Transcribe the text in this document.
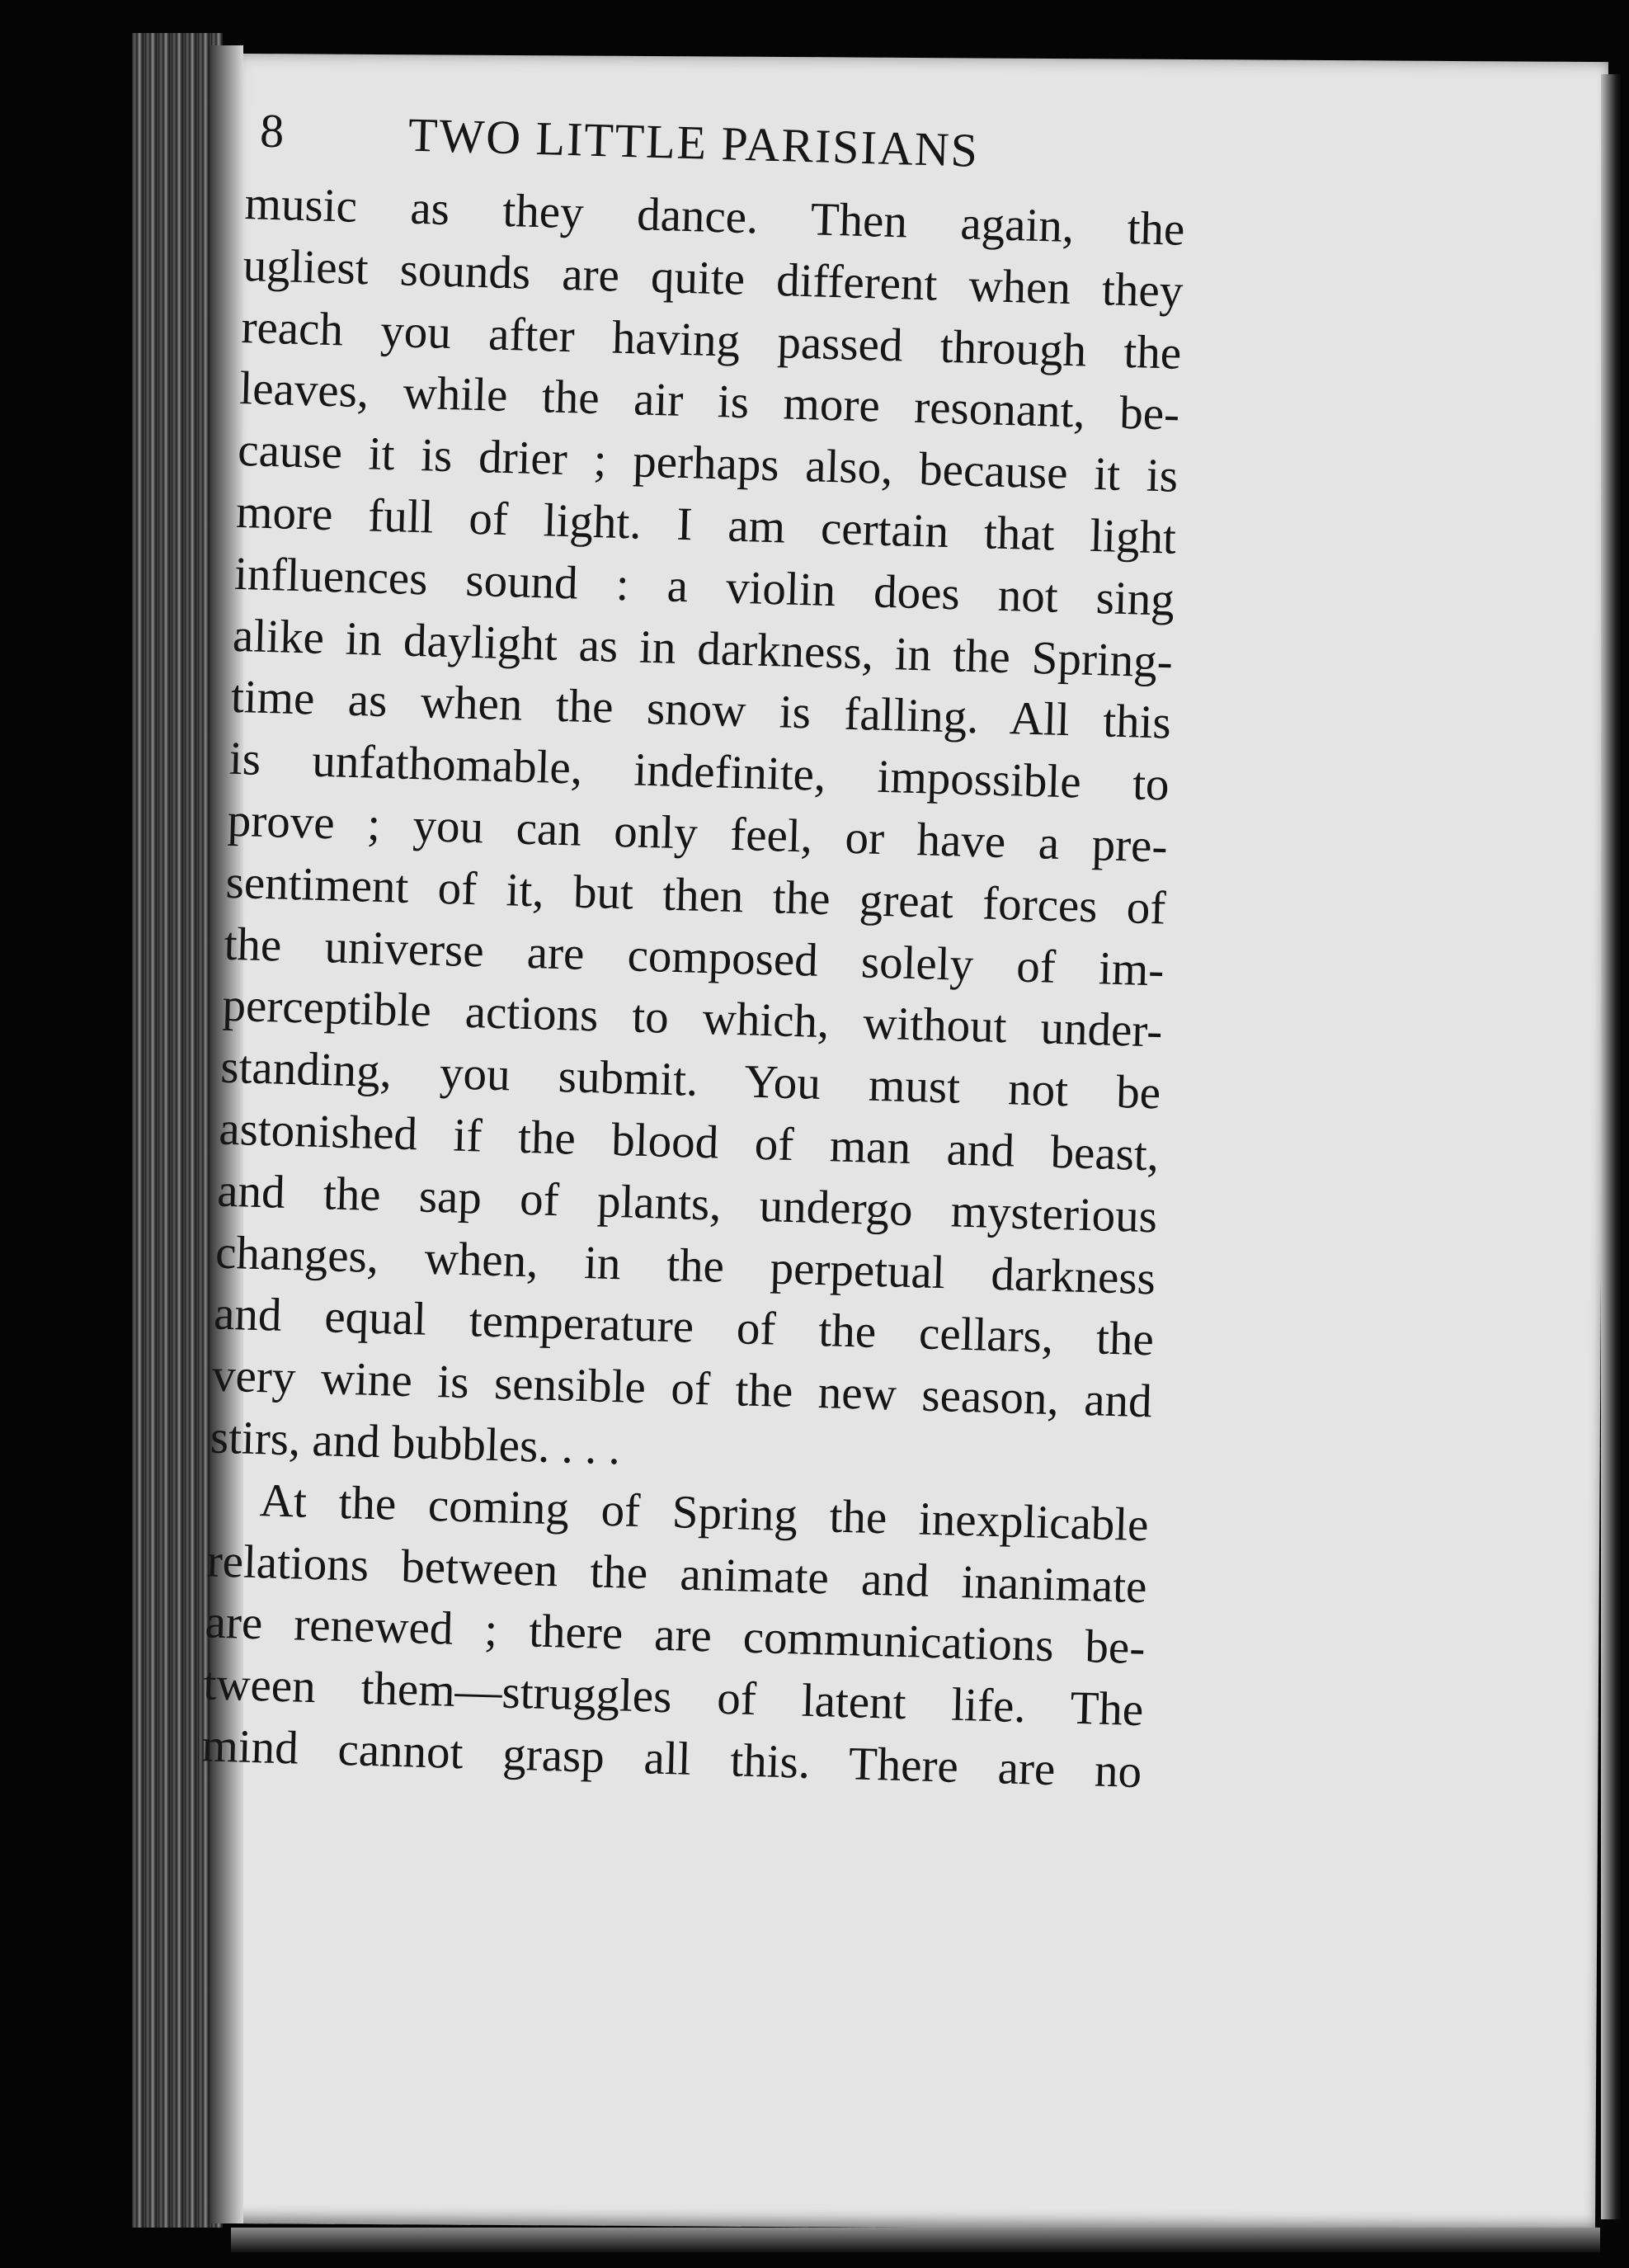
8	TWO LITTLE PARISIANS
music as they dance. Then again, the
ugliest sounds are quite different when they
reach you after having passed through the
leaves, while the air is more resonant, be-
cause it is drier ; perhaps also, because it is
more full of light. I am certain that light
influences sound : a violin does not sing
alike in daylight as in darkness, in the Spring-
time as when the snow is falling. All this
is unfathomable, indefinite, impossible to
prove ; you can only feel, or have a pre-
sentiment of it, but then the great forces of
the universe are composed solely of im-
perceptible actions to which, without under-
standing, you submit. You must not be
astonished if the blood of man and beast,
and the sap of plants, undergo mysterious
changes, when, in the perpetual darkness
and equal temperature of the cellars, the
very wine is sensible of the new season, and
stirs, and bubbles. . . .
At the coming of Spring the inexplicable
relations between the animate and inanimate
are renewed ; there are communications be-
tween them—struggles of latent life. The
mind cannot grasp all this. There are no
